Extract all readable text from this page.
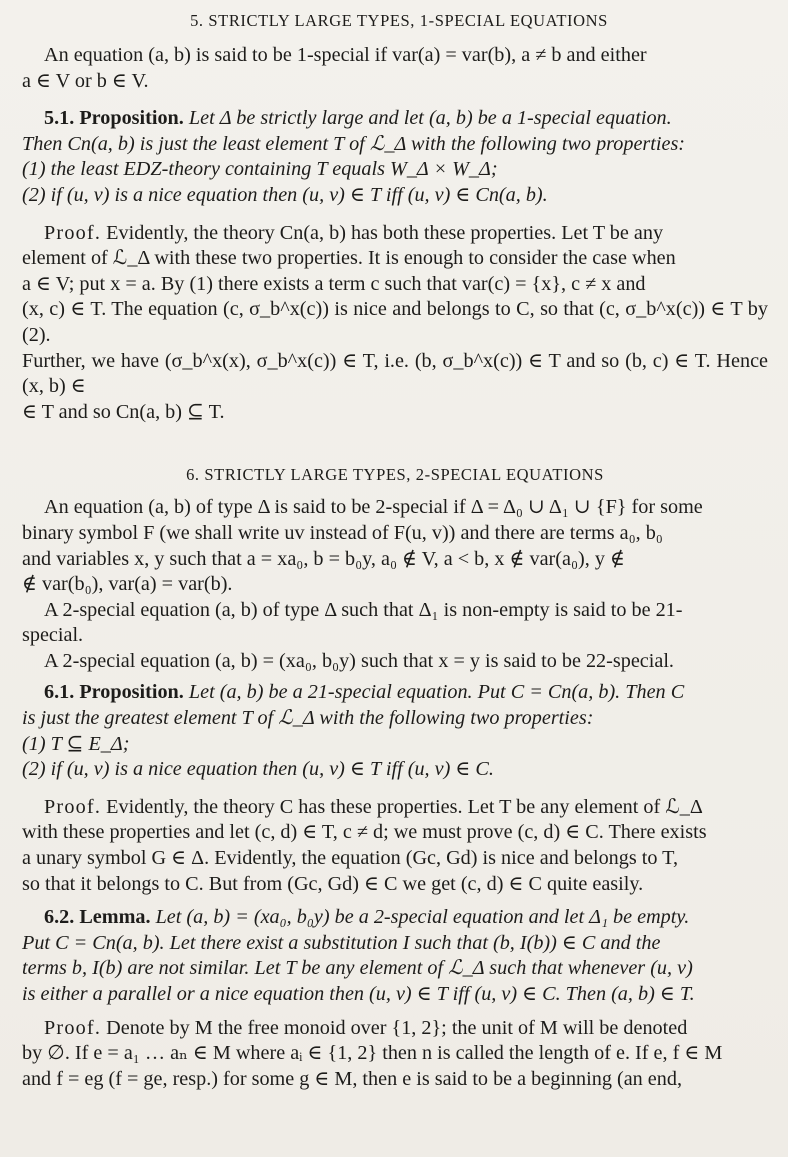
5. STRICTLY LARGE TYPES, 1-SPECIAL EQUATIONS

An equation (a, b) is said to be 1-special if var(a) = var(b), a ≠ b and either
a ∈ V or b ∈ V.

5.1. Proposition. Let Δ be strictly large and let (a, b) be a 1-special equation.
Then Cn(a, b) is just the least element T of ℒ_Δ with the following two properties:
(1) the least EDZ-theory containing T equals W_Δ × W_Δ;
(2) if (u, v) is a nice equation then (u, v) ∈ T iff (u, v) ∈ Cn(a, b).

Proof. Evidently, the theory Cn(a, b) has both these properties. Let T be any
element of ℒ_Δ with these two properties. It is enough to consider the case when
a ∈ V; put x = a. By (1) there exists a term c such that var(c) = {x}, c ≠ x and
(x, c) ∈ T. The equation (c, σ_b^x(c)) is nice and belongs to C, so that (c, σ_b^x(c)) ∈ T by (2).
Further, we have (σ_b^x(x), σ_b^x(c)) ∈ T, i.e. (b, σ_b^x(c)) ∈ T and so (b, c) ∈ T. Hence (x, b) ∈
∈ T and so Cn(a, b) ⊆ T.

6. STRICTLY LARGE TYPES, 2-SPECIAL EQUATIONS

An equation (a, b) of type Δ is said to be 2-special if Δ = Δ₀ ∪ Δ₁ ∪ {F} for some
binary symbol F (we shall write uv instead of F(u, v)) and there are terms a₀, b₀
and variables x, y such that a = xa₀, b = b₀y, a₀ ∉ V, a < b, x ∉ var(a₀), y ∉
∉ var(b₀), var(a) = var(b).

A 2-special equation (a, b) of type Δ such that Δ₁ is non-empty is said to be 21-
special.

A 2-special equation (a, b) = (xa₀, b₀y) such that x = y is said to be 22-special.

6.1. Proposition. Let (a, b) be a 21-special equation. Put C = Cn(a, b). Then C
is just the greatest element T of ℒ_Δ with the following two properties:
(1) T ⊆ E_Δ;
(2) if (u, v) is a nice equation then (u, v) ∈ T iff (u, v) ∈ C.

Proof. Evidently, the theory C has these properties. Let T be any element of ℒ_Δ
with these properties and let (c, d) ∈ T, c ≠ d; we must prove (c, d) ∈ C. There exists
a unary symbol G ∈ Δ. Evidently, the equation (Gc, Gd) is nice and belongs to T,
so that it belongs to C. But from (Gc, Gd) ∈ C we get (c, d) ∈ C quite easily.

6.2. Lemma. Let (a, b) = (xa₀, b₀y) be a 2-special equation and let Δ₁ be empty.
Put C = Cn(a, b). Let there exist a substitution I such that (b, I(b)) ∈ C and the
terms b, I(b) are not similar. Let T be any element of ℒ_Δ such that whenever (u, v)
is either a parallel or a nice equation then (u, v) ∈ T iff (u, v) ∈ C. Then (a, b) ∈ T.

Proof. Denote by M the free monoid over {1, 2}; the unit of M will be denoted
by ∅. If e = a₁ … aₙ ∈ M where aᵢ ∈ {1, 2} then n is called the length of e. If e, f ∈ M
and f = eg (f = ge, resp.) for some g ∈ M, then e is said to be a beginning (an end,
